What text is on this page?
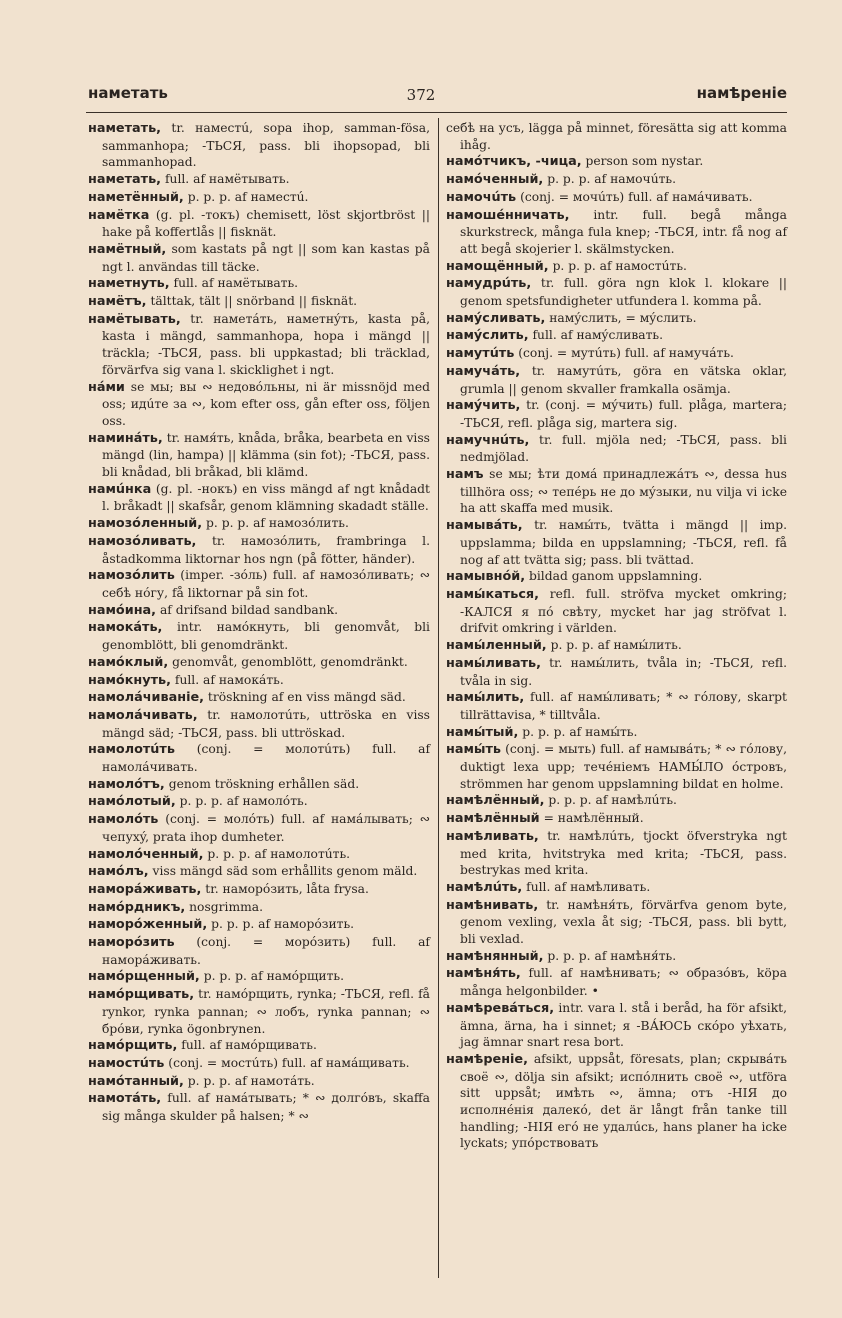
наметать	372	намѣреніе
наметать, tr. наместú, sopa ihop, samman-fösa, sammanhopa; -ТЬСЯ, pass. bli ihopsopad, bli sammanhopad.
наметать, full. af намётывать.
наметённый, p. p. p. af наместú.
намётка (g. pl. -токъ) chemisett, löst skjortbröst || hake på koffertlås || fisknät.
намётный, som kastats på ngt || som kan kastas på ngt l. användas till täcke.
наметнуть, full. af намётывать.
намётъ, tälttak, tält || snörband || fisknät.
намётывать, tr. наметáть, наметнýть, kasta på, kasta i mängd, sammanhopa, hopa i mängd || träckla; -ТЬСЯ, pass. bli uppkastad; bli träcklad, förvärfva sig vana l. skicklighet i ngt.
нáми se мы; вы ∾ недовóльны, ni är missnöjd med oss; идúте за ∾, kom efter oss, gån efter oss, följen oss.
наминáть, tr. намя́ть, knåda, bråka, bearbeta en viss mängd (lin, hampa) || klämma (sin fot); -ТЬСЯ, pass. bli knådad, bli bråkad, bli klämd.
намúнка (g. pl. -нокъ) en viss mängd af ngt knådadt l. bråkadt || skafsår, genom klämning skadadt ställe.
намозóленный, p. p. p. af намозóлить.
намозóливать, tr. намозóлить, frambringa l. åstadkomma liktornar hos ngn (på fötter, händer).
намозóлить (imper. -зóль) full. af намозóливать; ∾ себѣ нóгу, få liktornar på sin fot.
намóина, af drifsand bildad sandbank.
намокáть, intr. намóкнуть, bli genomvåt, bli genomblött, bli genomdränkt.
намóклый, genomvåt, genomblött, genomdränkt.
намóкнуть, full. af намокáть.
намолáчиваніе, tröskning af en viss mängd säd.
намолáчивать, tr. намолотúть, uttröska en viss mängd säd; -ТЬСЯ, pass. bli uttröskad.
намолотúть (conj. = молотúть) full. af намолáчивать.
намолóтъ, genom tröskning erhållen säd.
намóлотый, p. p. p. af намолóть.
намолóть (conj. = молóть) full. af намáлывать; ∾ чепухý, prata ihop dumheter.
намолóченный, p. p. p. af намолотúть.
намóлъ, viss mängd säd som erhållits genom mäld.
наморáживать, tr. наморóзить, låta frysa.
намóрдникъ, nosgrimma.
наморóженный, p. p. p. af наморóзить.
наморóзить (conj. = морóзить) full. af наморáживать.
намóрщенный, p. p. p. af намóрщить.
намóрщивать, tr. намóрщить, rynka; -ТЬСЯ, refl. få rynkor, rynka pannan; ∾ лобъ, rynka pannan; ∾ брóви, rynka ögonbrynen.
намóрщить, full. af намóрщивать.
намостúть (conj. = мостúть) full. af намáщивать.
намóтанный, p. p. p. af намотáть.
намотáть, full. af намáтывать; * ∾ долгóвъ, skaffa sig många skulder på halsen; * ∾
себѣ на усъ, lägga på minnet, föresätta sig att komma ihåg.
намóтчикъ, -чица, person som nystar.
намóченный, p. p. p. af намочúть.
намочúть (conj. = мочúть) full. af намáчивать.
намошéнничать, intr. full. begå många skurkstreck, många fula knep; -ТЬСЯ, intr. få nog af att begå skojerier l. skälmstycken.
намощённый, p. p. p. af намостúть.
намудрúть, tr. full. göra ngn klok l. klokare || genom spetsfundigheter utfundera l. komma på.
намýсливать, намýслить, = мýслить.
намýслить, full. af намýсливать.
намутúть (conj. = мутúть) full. af намучáть.
намучáть, tr. намутúть, göra en vätska oklar, grumla || genom skvaller framkalla osämja.
намýчить, tr. (conj. = мýчить) full. plåga, martera; -ТЬСЯ, refl. plåga sig, martera sig.
намучнúть, tr. full. mjöla ned; -ТЬСЯ, pass. bli nedmjölad.
намъ se мы; ѣти домá принадлежáтъ ∾, dessa hus tillhöra oss; ∾ тепéрь не до мýзыки, nu vilja vi icke ha att skaffa med musik.
намывáть, tr. намы́ть, tvätta i mängd || imp. uppslamma; bilda en uppslamning; -ТЬСЯ, refl. få nog af att tvätta sig; pass. bli tvättad.
намывнóй, bildad ganom uppslamning.
намы́каться, refl. full. ströfva mycket omkring; -КАЛСЯ я пó свѣту, mycket har jag ströfvat l. drifvit omkring i världen.
намы́ленный, p. p. p. af намы́лить.
намы́ливать, tr. намы́лить, tvåla in; -ТЬСЯ, refl. tvåla in sig.
намы́лить, full. af намы́ливать; * ∾ гóлову, skarpt tillrättavisa, * tilltvåla.
намы́тый, p. p. p. af намы́ть.
намы́ть (conj. = мыть) full. af намывáть; * ∾ гóлову, duktigt lexa upp; течéніемъ НАМЫ́ЛО óстровъ, strömmen har genom uppslamning bildat en holme.
намѣлённый, p. p. p. af намѣлúть.
намѣлённый = намѣлённый.
намѣливать, tr. намѣлúть, tjockt öfverstryka ngt med krita, hvitstryka med krita; -ТЬСЯ, pass. bestrykas med krita.
намѣлúть, full. af намѣливать.
намѣнивать, tr. намѣня́ть, förvärfva genom byte, genom vexling, vexla åt sig; -ТЬСЯ, pass. bli bytt, bli vexlad.
намѣнянный, p. p. p. af намѣня́ть.
намѣня́ть, full. af намѣнивать; ∾ образóвъ, köpa många helgonbilder. •
намѣревáться, intr. vara l. stå i beråd, ha för afsikt, ämna, ärna, ha i sinnet; я -ВА́ЮСЬ скóро уѣхать, jag ämnar snart resa bort.
намѣреніе, afsikt, uppsåt, föresats, plan; скрывáть своё ∾, dölja sin afsikt; испóлнить своё ∾, utföra sitt uppsåt; имѣть ∾, ämna; отъ -НІЯ до исполнéнія далекó, det är långt från tanke till handling; -НІЯ егó не удалúсь, hans planer ha icke lyckats; упóрствовать
